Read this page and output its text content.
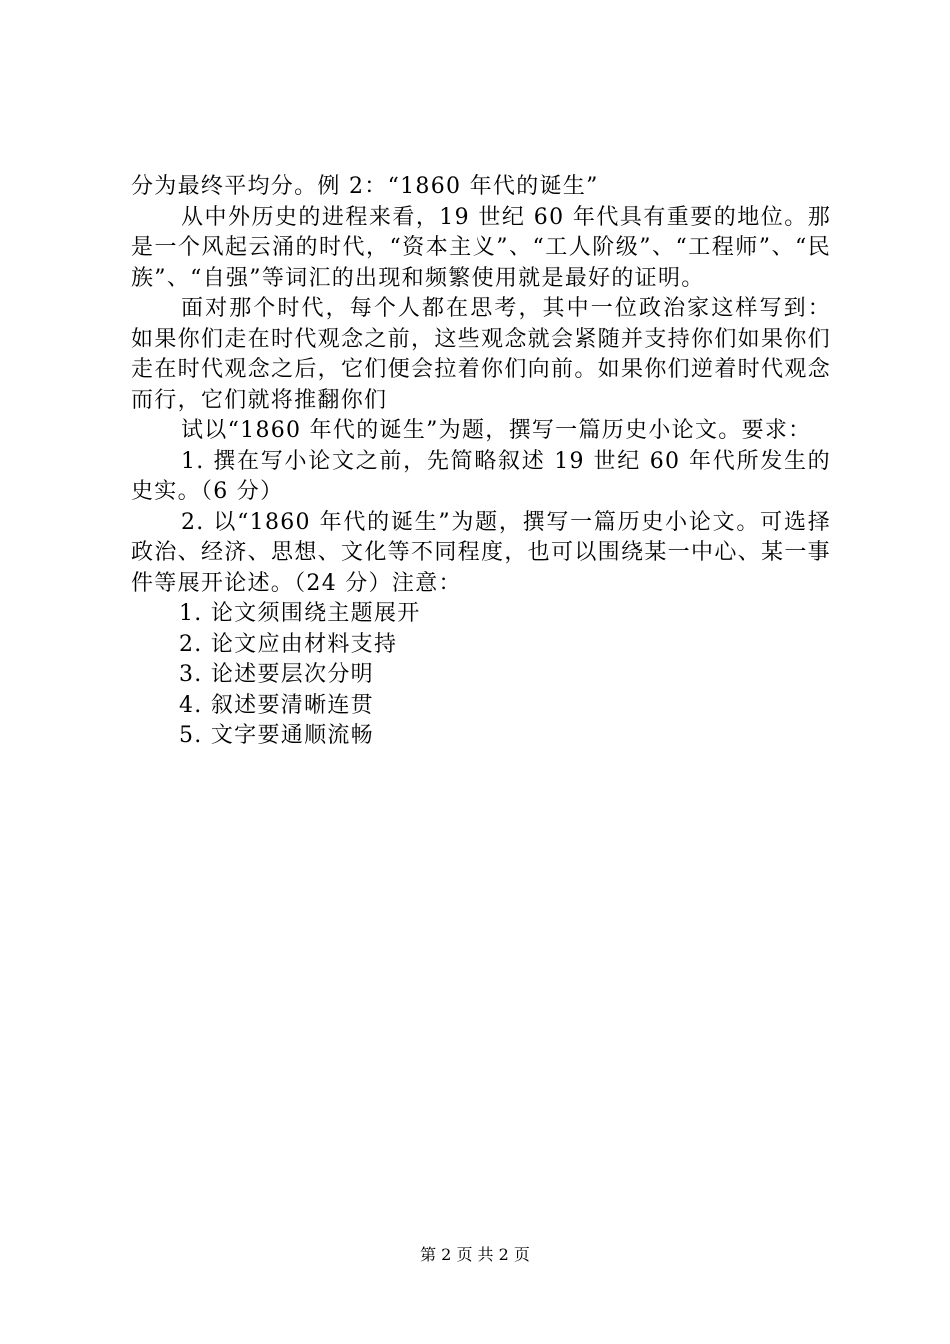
分为最终平均分。例 2：“1860 年代的诞生”

从中外历史的进程来看，19 世纪 60 年代具有重要的地位。那是一个风起云涌的时代，“资本主义”、“工人阶级”、“工程师”、“民族”、“自强”等词汇的出现和频繁使用就是最好的证明。

面对那个时代，每个人都在思考，其中一位政治家这样写到：如果你们走在时代观念之前，这些观念就会紧随并支持你们如果你们走在时代观念之后，它们便会拉着你们向前。如果你们逆着时代观念而行，它们就将推翻你们

试以“1860 年代的诞生”为题，撰写一篇历史小论文。要求：

1. 撰在写小论文之前，先简略叙述 19 世纪 60 年代所发生的史实。（6 分）

2. 以“1860 年代的诞生”为题，撰写一篇历史小论文。可选择政治、经济、思想、文化等不同程度，也可以围绕某一中心、某一事件等展开论述。（24 分）注意：

1. 论文须围绕主题展开

2. 论文应由材料支持

3. 论述要层次分明

4. 叙述要清晰连贯

5. 文字要通顺流畅

第 2 页 共 2 页
